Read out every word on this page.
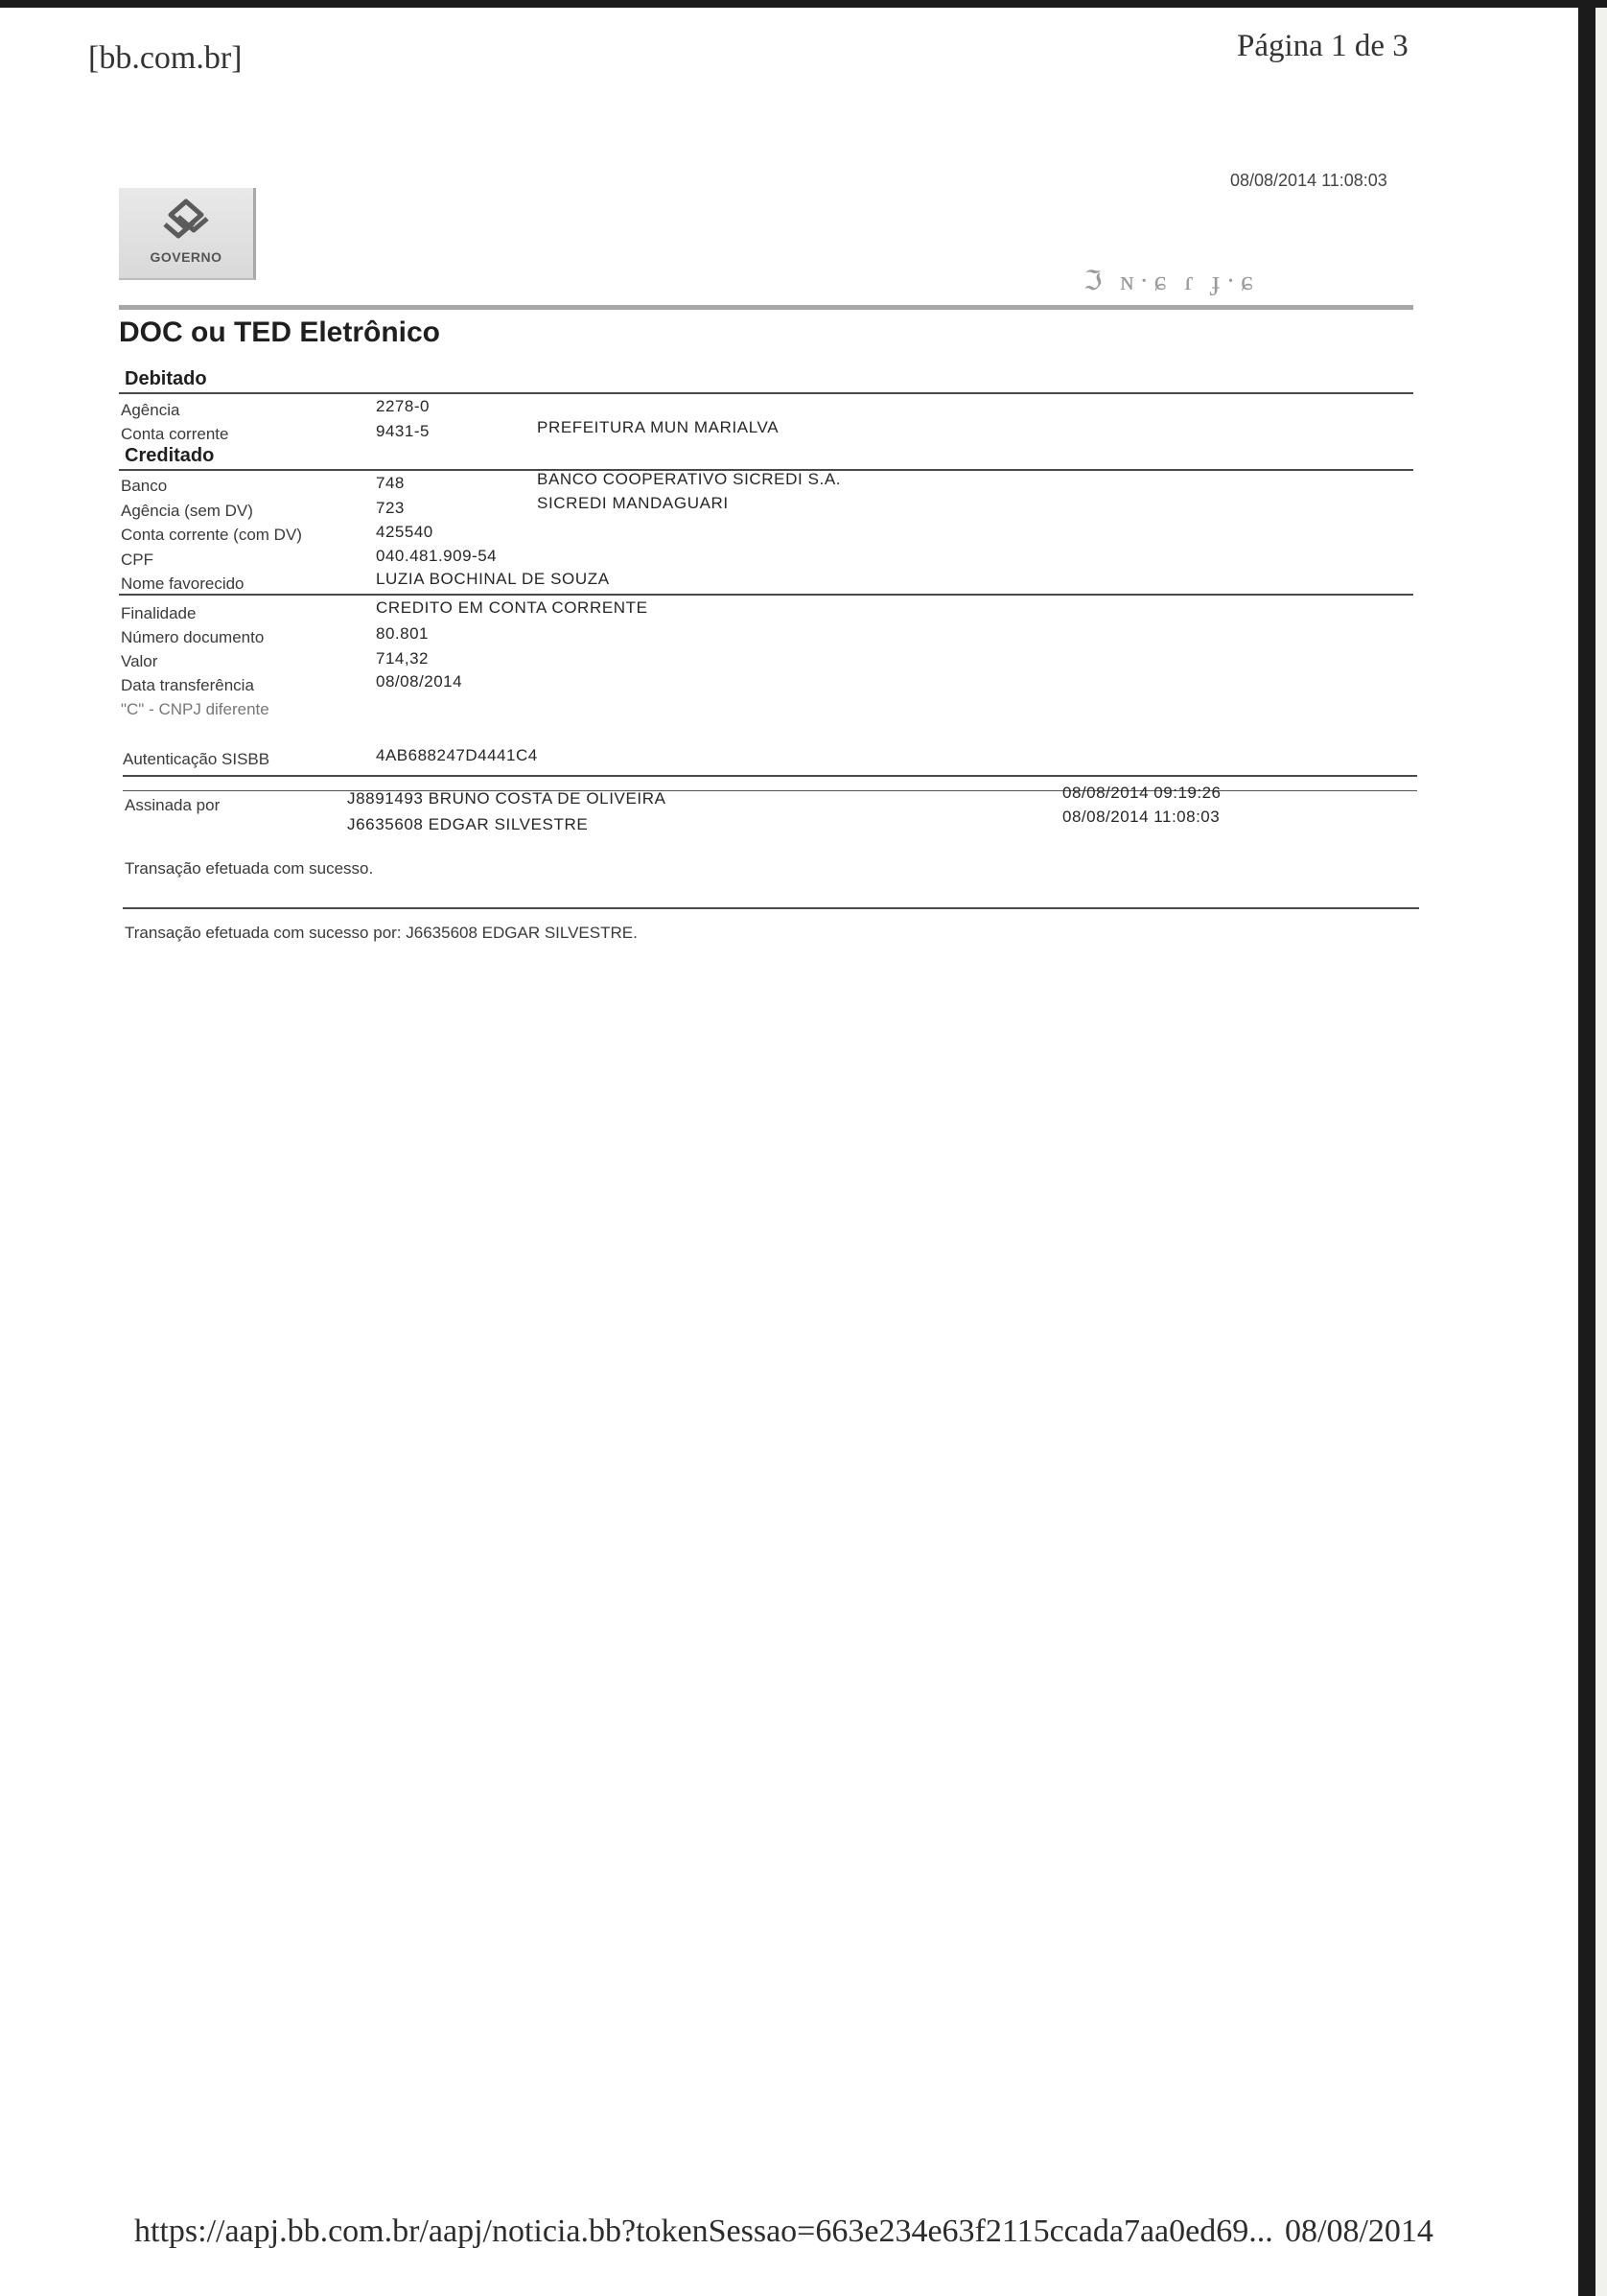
[bb.com.br]	Página 1 de 3
08/08/2014 11:08:03
GOVERNO
ℑ ɴ·ɕ ɾ ɟ·ɕ
DOC ou TED Eletrônico
Debitado
Agência	2278-0
Conta corrente	9431-5	PREFEITURA MUN MARIALVA
Creditado
Banco	748	BANCO COOPERATIVO SICREDI S.A.
Agência (sem DV)	723	SICREDI MANDAGUARI
Conta corrente (com DV)	425540
CPF	040.481.909-54
Nome favorecido	LUZIA BOCHINAL DE SOUZA
Finalidade	CREDITO EM CONTA CORRENTE
Número documento	80.801
Valor	714,32
Data transferência	08/08/2014
"C" - CNPJ diferente
Autenticação SISBB	4AB688247D4441C4
Assinada por	J8891493 BRUNO COSTA DE OLIVEIRA	08/08/2014 09:19:26
J6635608 EDGAR SILVESTRE	08/08/2014 11:08:03
Transação efetuada com sucesso.
Transação efetuada com sucesso por: J6635608 EDGAR SILVESTRE.
https://aapj.bb.com.br/aapj/noticia.bb?tokenSessao=663e234e63f2115ccada7aa0ed69... 08/08/2014
